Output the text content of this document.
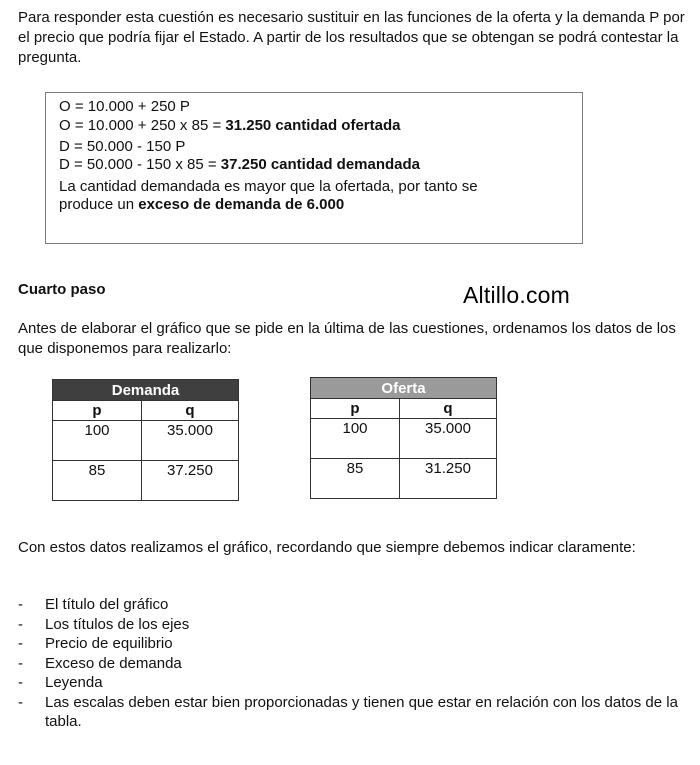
Para responder esta cuestión es necesario sustituir en las funciones de la oferta y la demanda P por el precio que podría fijar el Estado. A partir de los resultados que se obtengan se podrá contestar la pregunta.

O = 10.000 + 250 P
O = 10.000 + 250 x 85 = 31.250 cantidad ofertada
D = 50.000 - 150 P
D = 50.000 - 150 x 85 = 37.250 cantidad demandada
La cantidad demandada es mayor que la ofertada, por tanto se
produce un exceso de demanda de 6.000
Cuarto paso	Altillo.com

Antes de elaborar el gráfico que se pide en la última de las cuestiones, ordenamos los datos de los que disponemos para realizarlo:

Demanda	
p	q
100	35.000
85	37.250
Oferta	
p	q
100	35.000
85	31.250

Con estos datos realizamos el gráfico, recordando que siempre debemos indicar claramente:

- El título del gráfico
- Los títulos de los ejes
- Precio de equilibrio
- Exceso de demanda
- Leyenda
- Las escalas deben estar bien proporcionadas y tienen que estar en relación con los datos de la tabla.
